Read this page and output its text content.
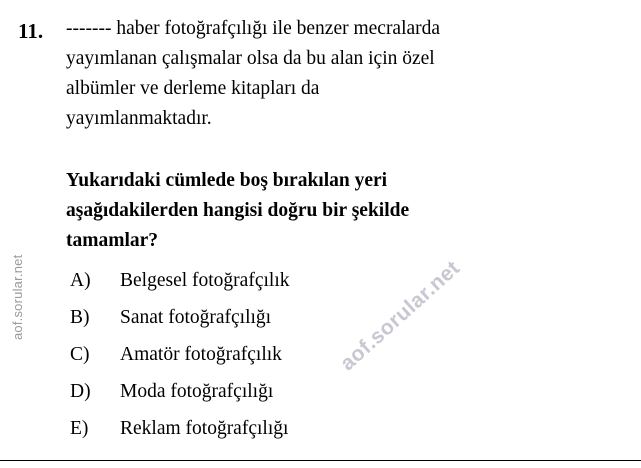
aof.sorular.net
11. ------- haber fotoğrafçılığı ile benzer mecralarda
yayımlanan çalışmalar olsa da bu alan için özel
albümler ve derleme kitapları da
yayımlanmaktadır.
Yukarıdaki cümlede boş bırakılan yeri
aşağıdakilerden hangisi doğru bir şekilde
tamamlar?
A)	Belgesel fotoğrafçılık
B)	Sanat fotoğrafçılığı
C)	Amatör fotoğrafçılık
D)	Moda fotoğrafçılığı
E)	Reklam fotoğrafçılığı
aof.sorular.net
